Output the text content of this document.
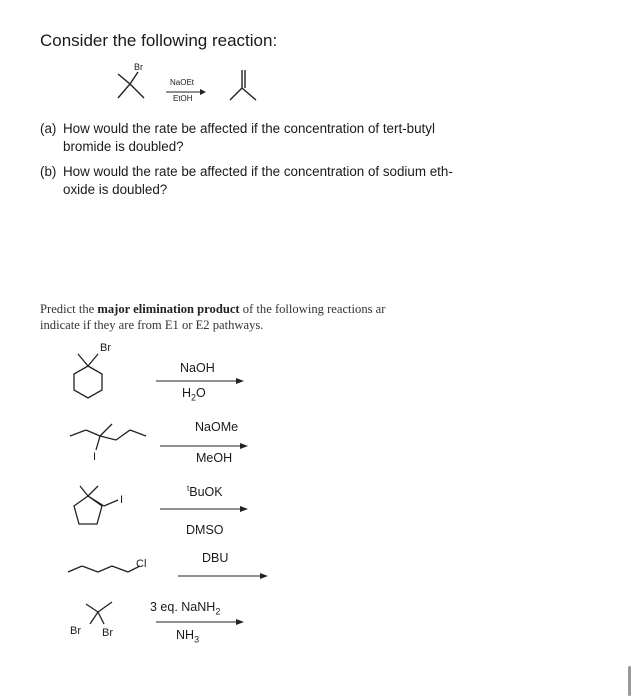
Consider the following reaction:
Br
NaOEt
EtOH
(a) How would the rate be affected if the concentration of tert-butyl
bromide is doubled?
(b) How would the rate be affected if the concentration of sodium eth-
oxide is doubled?
Predict the major elimination product of the following reactions ar
indicate if they are from E1 or E2 pathways.
Br
NaOH
$H_2O$
I
NaOMe
MeOH
I
$^t$BuOK
DMSO
Cl	DBU
Br Br
3 eq. NaNH$_2$
$NH_3$
